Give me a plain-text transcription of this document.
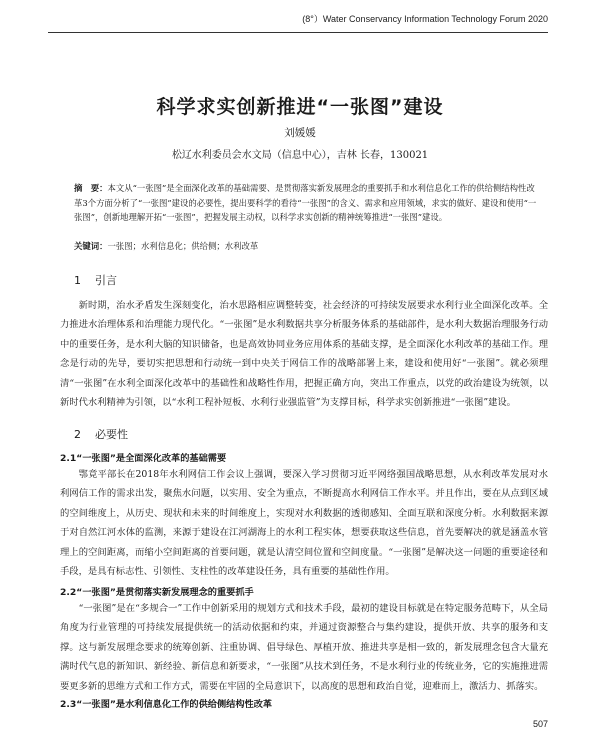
(8°）Water Conservancy Information Technology Forum 2020
科学求实创新推进“一张图”建设
刘媛媛
松辽水利委员会水文局（信息中心），吉林 长春，130021
摘　要：本文从“一张图”是全面深化改革的基础需要、是贯彻落实新发展理念的重要抓手和水利信息化工作的供给侧结构性改革3个方面分析了“一张图”建设的必要性，提出要科学的看待“一张图”的含义、需求和应用领域，求实的做好、建设和使用“一张图”，创新地理解开拓“一张图”，把握发展主动权，以科学求实创新的精神统筹推进“一张图”建设。
关键词：一张图；水利信息化；供给侧；水利改革
1 引言
新时期，治水矛盾发生深刻变化，治水思路相应调整转变，社会经济的可持续发展要求水利行业全面深化改革。全力推进水治理体系和治理能力现代化。“一张图”是水利数据共享分析服务体系的基础部件，是水利大数据治理服务行动中的重要任务，是水利大脑的知识储备，也是高效协同业务应用体系的基础支撑，是全面深化水利改革的基础工作。理念是行动的先导，要切实把思想和行动统一到中央关于网信工作的战略部署上来，建设和使用好“一张图”。就必须理清“一张图”在水利全面深化改革中的基础性和战略性作用，把握正确方向，突出工作重点，以党的政治建设为统领，以新时代水利精神为引领，以“水利工程补短板、水利行业强监管”为支撑目标，科学求实创新推进“一张图”建设。
2 必要性
2.1“一张图”是全面深化改革的基础需要
鄂竟平部长在2018年水利网信工作会议上强调，要深入学习贯彻习近平网络强国战略思想，从水利改革发展对水利网信工作的需求出发，聚焦水问题，以实用、安全为重点，不断提高水利网信工作水平。并且作出，要在从点到区域的空间维度上，从历史、现状和未来的时间维度上，实现对水利数据的透彻感知、全面互联和深度分析。水利数据来源于对自然江河水体的监测，来源于建设在江河湖海上的水利工程实体，想要获取这些信息，首先要解决的就是涵盖水管理上的空间距离，而缩小空间距离的首要问题，就是认清空间位置和空间度量。“一张图”是解决这一问题的重要途径和手段，是具有标志性、引领性、支柱性的改革建设任务，具有重要的基础性作用。
2.2“一张图”是贯彻落实新发展理念的重要抓手
“一张图”是在“多规合一”工作中创新采用的规划方式和技术手段，最初的建设目标就是在特定服务范畴下，从全局角度为行业管理的可持续发展提供统一的活动依据和约束，并通过资源整合与集约建设，提供开放、共享的服务和支撑。这与新发展理念要求的统筹创新、注重协调、倡导绿色、厚植开放、推进共享是相一致的，新发展理念包含大量充满时代气息的新知识、新经验、新信息和新要求，“一张图”从技术到任务，不是水利行业的传统业务，它的实施推进需要更多新的思维方式和工作方式，需要在牢固的全局意识下，以高度的思想和政治自觉，迎难而上，激活力、抓落实。
2.3“一张图”是水利信息化工作的供给侧结构性改革
507
